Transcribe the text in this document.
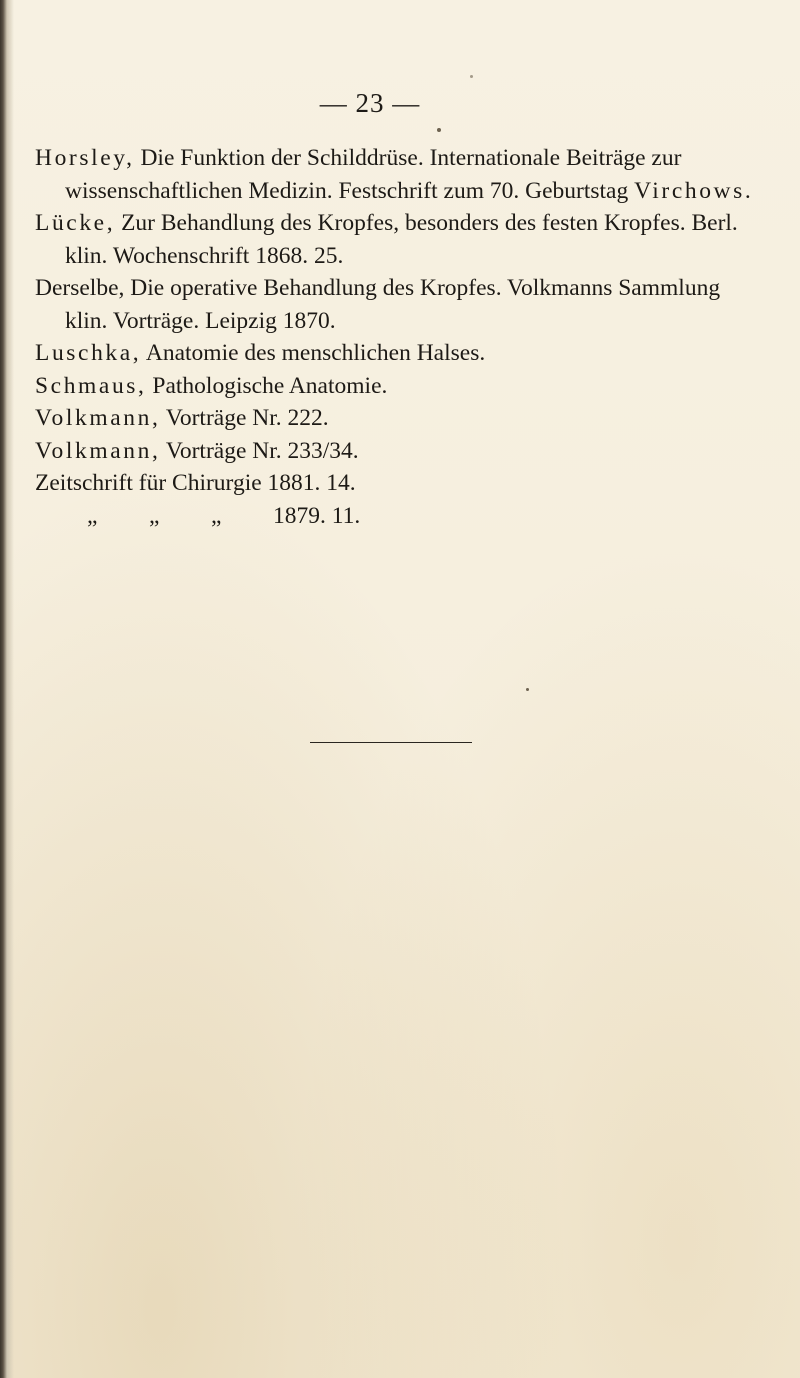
— 23 —
Horsley, Die Funktion der Schilddrüse. Internationale Beiträge zur wissenschaftlichen Medizin. Festschrift zum 70. Geburtstag Virchows.
Lücke, Zur Behandlung des Kropfes, besonders des festen Kropfes. Berl. klin. Wochenschrift 1868. 25.
Derselbe, Die operative Behandlung des Kropfes. Volkmanns Sammlung klin. Vorträge. Leipzig 1870.
Luschka, Anatomie des menschlichen Halses.
Schmaus, Pathologische Anatomie.
Volkmann, Vorträge Nr. 222.
Volkmann, Vorträge Nr. 233/34.
Zeitschrift für Chirurgie 1881. 14.
„ „ „ 1879. 11.
